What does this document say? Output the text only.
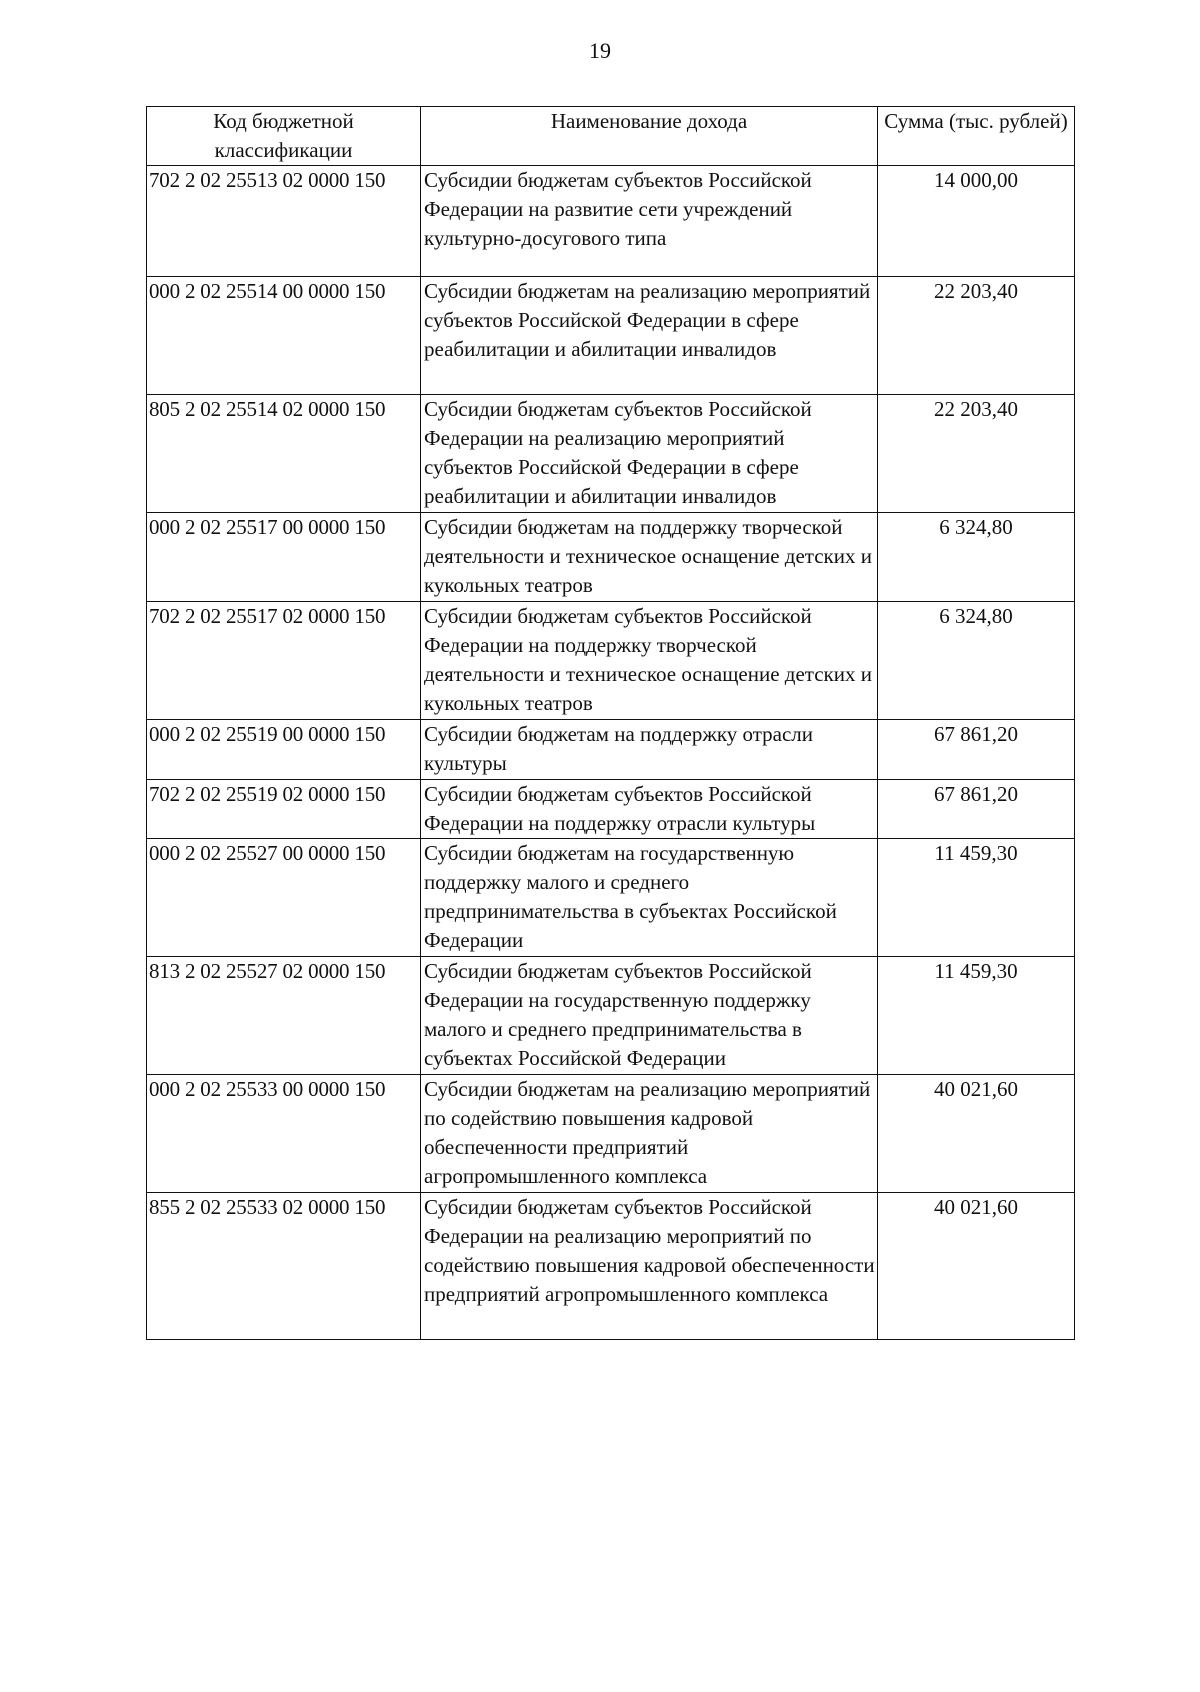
19
Код бюджетной классификации	Наименование дохода	Сумма (тыс. рублей)
702 2 02 25513 02 0000 150	Субсидии бюджетам субъектов Российской Федерации на развитие сети учреждений культурно-досугового типа	14 000,00
000 2 02 25514 00 0000 150	Субсидии бюджетам на реализацию мероприятий субъектов Российской Федерации в сфере реабилитации и абилитации инвалидов	22 203,40
805 2 02 25514 02 0000 150	Субсидии бюджетам субъектов Российской Федерации на реализацию мероприятий субъектов Российской Федерации в сфере реабилитации и абилитации инвалидов	22 203,40
000 2 02 25517 00 0000 150	Субсидии бюджетам на поддержку творческой деятельности и техническое оснащение детских и кукольных театров	6 324,80
702 2 02 25517 02 0000 150	Субсидии бюджетам субъектов Российской Федерации на поддержку творческой деятельности и техническое оснащение детских и кукольных театров	6 324,80
000 2 02 25519 00 0000 150	Субсидии бюджетам на поддержку отрасли культуры	67 861,20
702 2 02 25519 02 0000 150	Субсидии бюджетам субъектов Российской Федерации на поддержку отрасли культуры	67 861,20
000 2 02 25527 00 0000 150	Субсидии бюджетам на государственную поддержку малого и среднего предпринимательства в субъектах Российской Федерации	11 459,30
813 2 02 25527 02 0000 150	Субсидии бюджетам субъектов Российской Федерации на государственную поддержку малого и среднего предпринимательства в субъектах Российской Федерации	11 459,30
000 2 02 25533 00 0000 150	Субсидии бюджетам на реализацию мероприятий по содействию повышения кадровой обеспеченности предприятий агропромышленного комплекса	40 021,60
855 2 02 25533 02 0000 150	Субсидии бюджетам субъектов Российской Федерации на реализацию мероприятий по содействию повышения кадровой обеспеченности предприятий агропромышленного комплекса	40 021,60
